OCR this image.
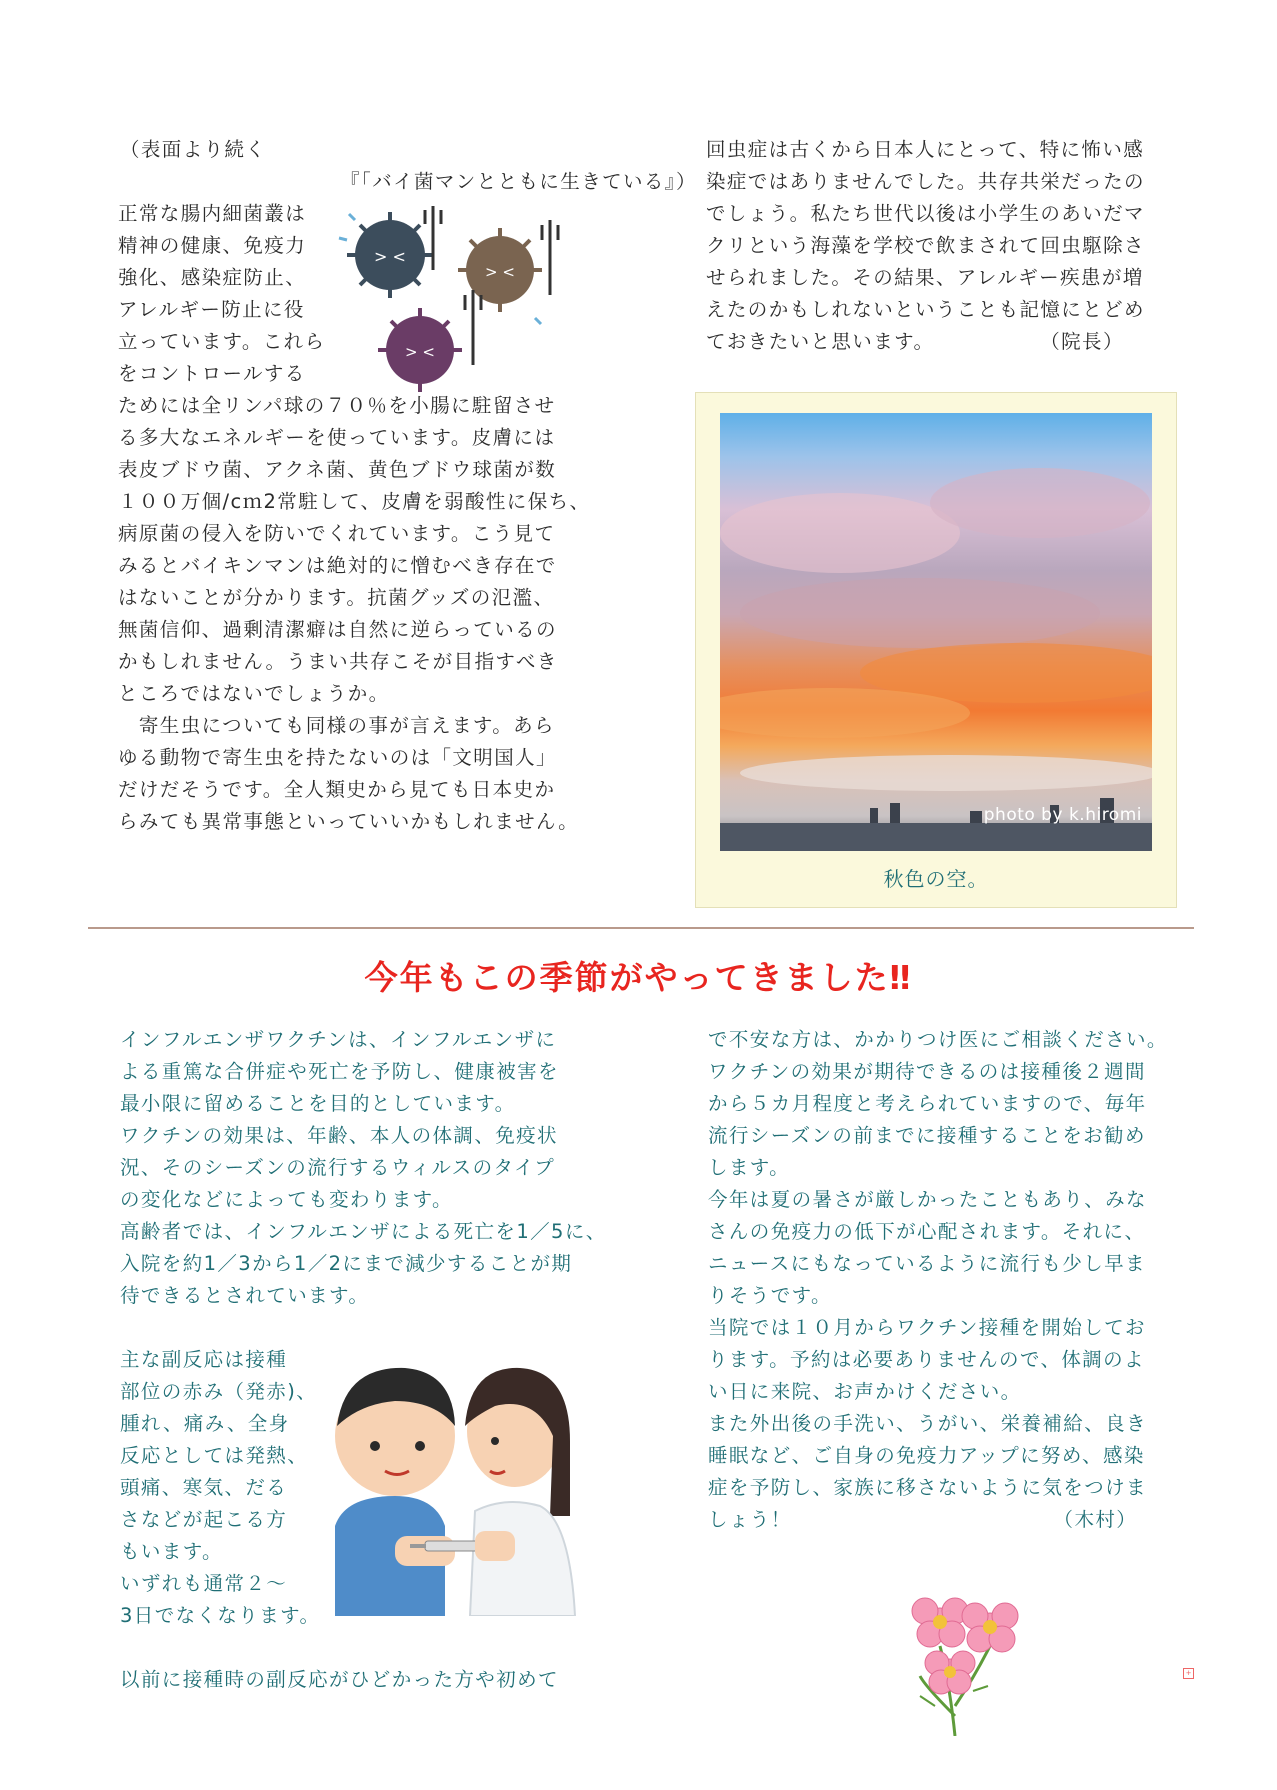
（表面より続く
　　　　　　　　　　　『「バイ菌マンとともに生きている』）
正常な腸内細菌叢は
精神の健康、免疫力
強化、感染症防止、
アレルギー防止に役
立っています。これら
をコントロールする
ためには全リンパ球の７０％を小腸に駐留させ
る多大なエネルギーを使っています。皮膚には
表皮ブドウ菌、アクネ菌、黄色ブドウ球菌が数
１００万個/cｍ2常駐して、皮膚を弱酸性に保ち、
病原菌の侵入を防いでくれています。こう見て
みるとバイキンマンは絶対的に憎むべき存在で
はないことが分かります。抗菌グッズの氾濫、
無菌信仰、過剰清潔癖は自然に逆らっているの
かもしれません。うまい共存こそが目指すべき
ところではないでしょうか。
　寄生虫についても同様の事が言えます。あら
ゆる動物で寄生虫を持たないのは「文明国人」
だけだそうです。全人類史から見ても日本史か
らみても異常事態といっていいかもしれません。
回虫症は古くから日本人にとって、特に怖い感
染症ではありませんでした。共存共栄だったの
でしょう。私たち世代以後は小学生のあいだマ
クリという海藻を学校で飲まされて回虫駆除さ
せられました。その結果、アレルギー疾患が増
えたのかもしれないということも記憶にとどめ
ておきたいと思います。　　　　　　（院長）
> <
> <
> <
photo by k.hiromi
秋色の空。
今年もこの季節がやってきました‼
インフルエンザワクチンは、インフルエンザに
よる重篤な合併症や死亡を予防し、健康被害を
最小限に留めることを目的としています。
ワクチンの効果は、年齢、本人の体調、免疫状
況、そのシーズンの流行するウィルスのタイプ
の変化などによっても変わります。
高齢者では、インフルエンザによる死亡を1／5に、
入院を約1／3から1／2にまで減少することが期
待できるとされています。
主な副反応は接種
部位の赤み（発赤)、
腫れ、痛み、全身
反応としては発熱、
頭痛、寒気、だる
さなどが起こる方
もいます。
いずれも通常２～
3日でなくなります。
以前に接種時の副反応がひどかった方や初めて
で不安な方は、かかりつけ医にご相談ください。
ワクチンの効果が期待できるのは接種後２週間
から５カ月程度と考えられていますので、毎年
流行シーズンの前までに接種することをお勧め
します。
今年は夏の暑さが厳しかったこともあり、みな
さんの免疫力の低下が心配されます。それに、
ニュースにもなっているように流行も少し早ま
りそうです。
当院では１０月からワクチン接種を開始してお
ります。予約は必要ありませんので、体調のよ
い日に来院、お声かけください。
また外出後の手洗い、うがい、栄養補給、良き
睡眠など、ご自身の免疫力アップに努め、感染
症を予防し、家族に移さないように気をつけま
しょう！　　　　　　　　　　　　　（木村）
+
